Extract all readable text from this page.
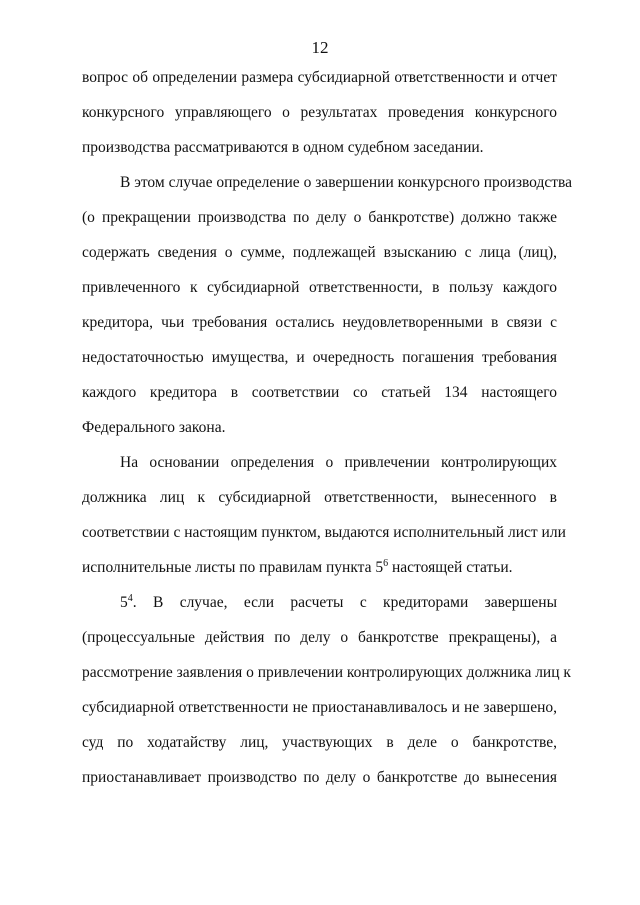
12
вопрос об определении размера субсидиарной ответственности и отчет
конкурсного управляющего о результатах проведения конкурсного
производства рассматриваются в одном судебном заседании.
В этом случае определение о завершении конкурсного производства
(о прекращении производства по делу о банкротстве) должно также
содержать сведения о сумме, подлежащей взысканию с лица (лиц),
привлеченного к субсидиарной ответственности, в пользу каждого
кредитора, чьи требования остались неудовлетворенными в связи с
недостаточностью имущества, и очередность погашения требования
каждого кредитора в соответствии со статьей 134 настоящего
Федерального закона.
На основании определения о привлечении контролирующих
должника лиц к субсидиарной ответственности, вынесенного в
соответствии с настоящим пунктом, выдаются исполнительный лист или
исполнительные листы по правилам пункта $5^6$ настоящей статьи.
$5^4$. В случае, если расчеты с кредиторами завершены
(процессуальные действия по делу о банкротстве прекращены), а
рассмотрение заявления о привлечении контролирующих должника лиц к
субсидиарной ответственности не приостанавливалось и не завершено,
суд по ходатайству лиц, участвующих в деле о банкротстве,
приостанавливает производство по делу о банкротстве до вынесения
